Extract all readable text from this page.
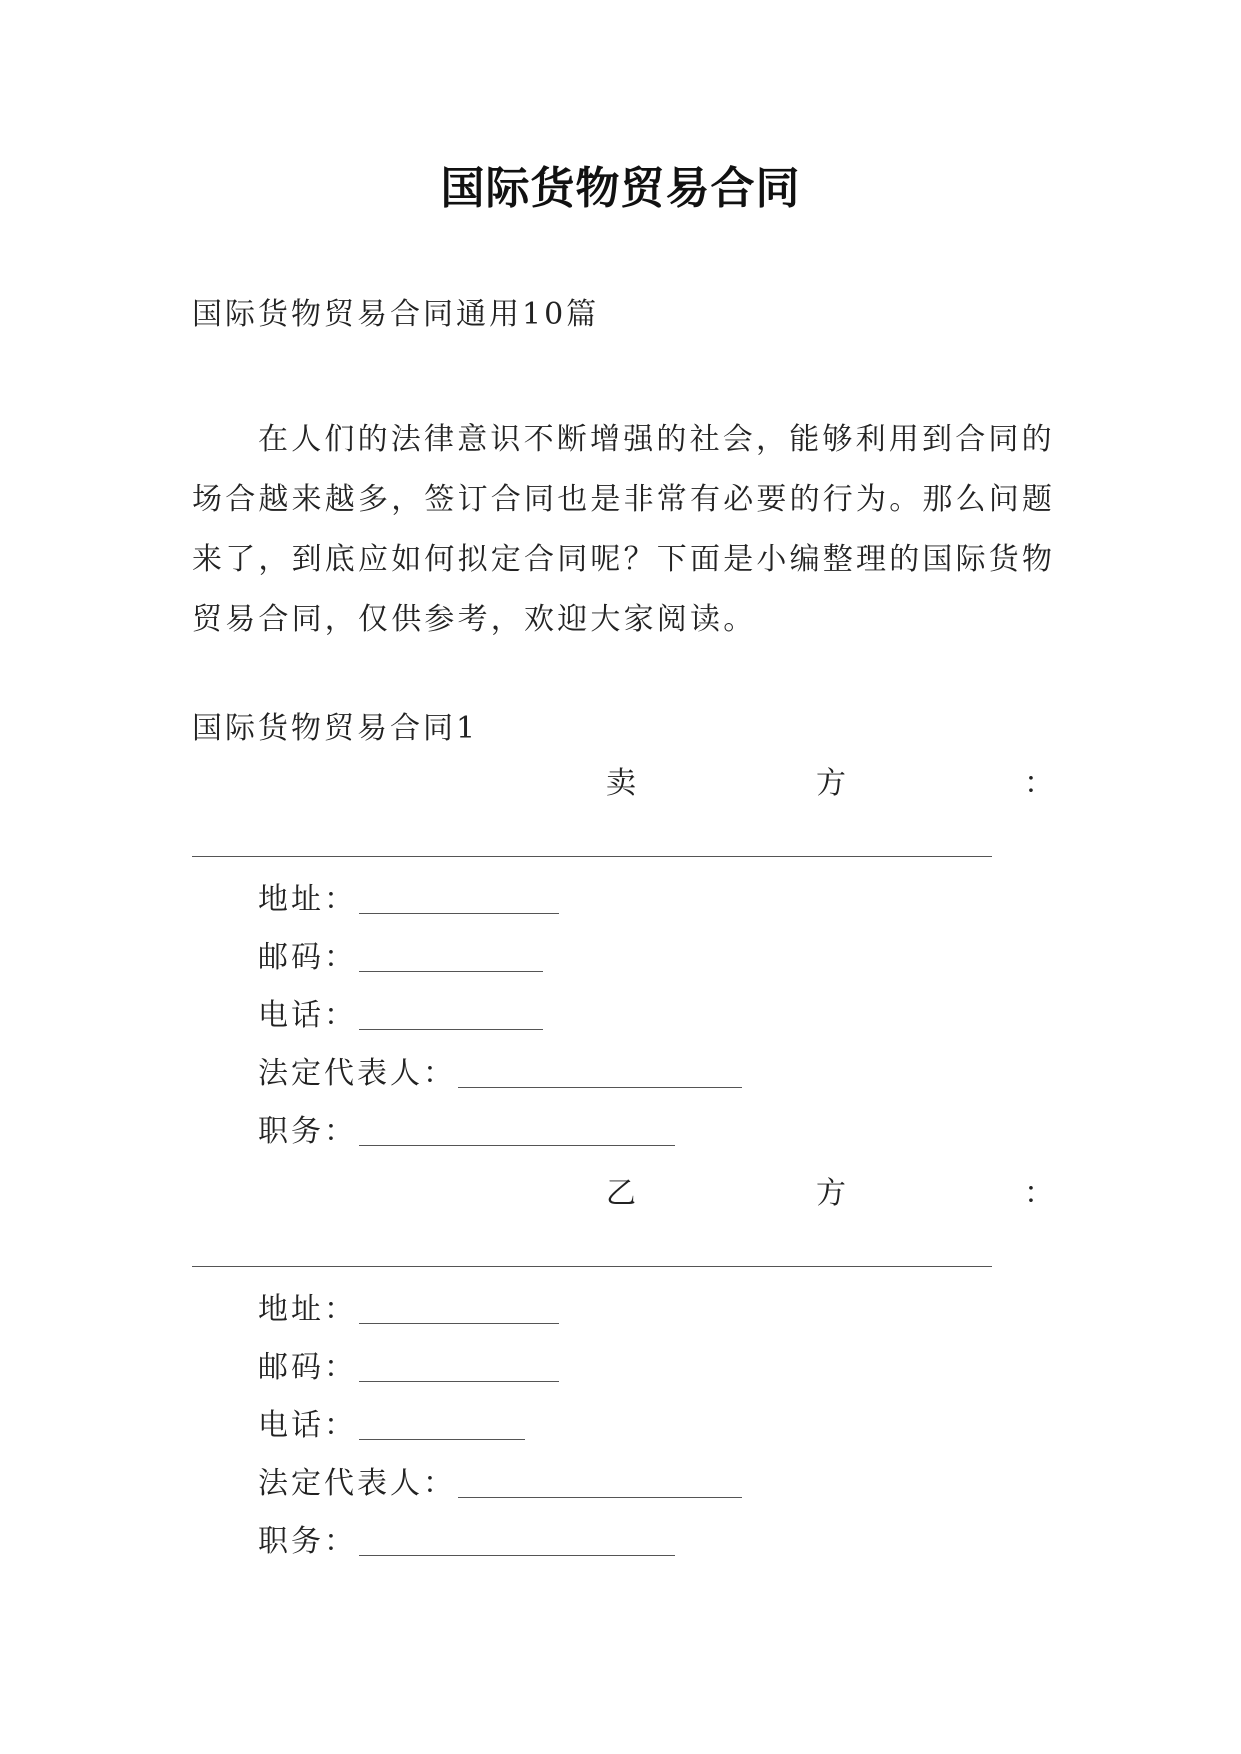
国际货物贸易合同
国际货物贸易合同通用10篇
在人们的法律意识不断增强的社会，能够利用到合同的场合越来越多，签订合同也是非常有必要的行为。那么问题来了，到底应如何拟定合同呢？下面是小编整理的国际货物贸易合同，仅供参考，欢迎大家阅读。
国际货物贸易合同1
卖	方	：
地址：
邮码：
电话：
法定代表人：
职务：
乙	方	：
地址：
邮码：
电话：
法定代表人：
职务：
